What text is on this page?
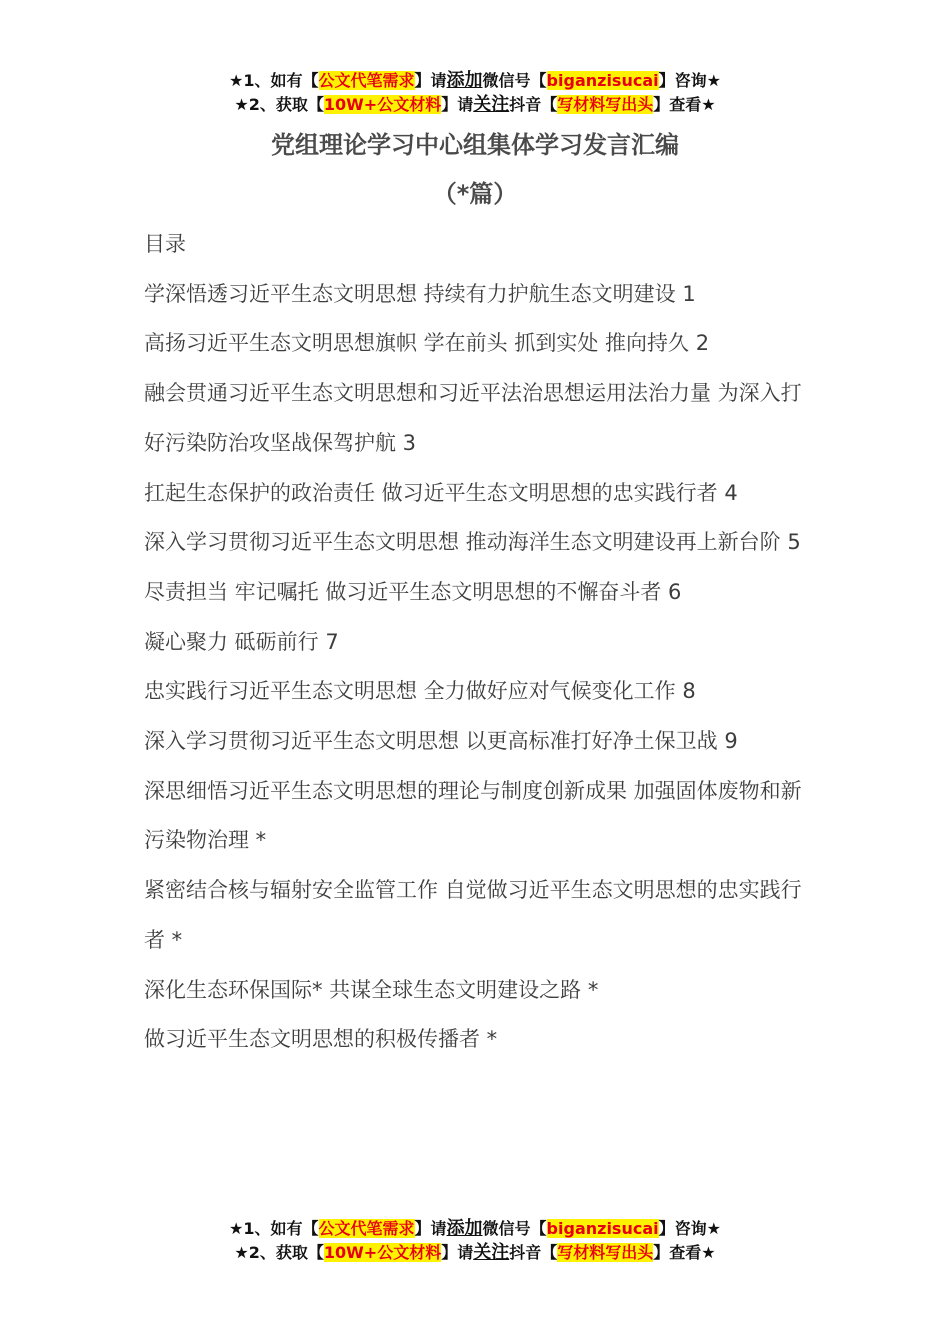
★1、如有【公文代笔需求】请添加微信号【biganzisucai】咨询★
★2、获取【10W+公文材料】请关注抖音【写材料写出头】查看★
党组理论学习中心组集体学习发言汇编
（*篇）
目录
学深悟透习近平生态文明思想 持续有力护航生态文明建设 1
高扬习近平生态文明思想旗帜 学在前头 抓到实处 推向持久 2
融会贯通习近平生态文明思想和习近平法治思想运用法治力量 为深入打好污染防治攻坚战保驾护航 3
扛起生态保护的政治责任 做习近平生态文明思想的忠实践行者 4
深入学习贯彻习近平生态文明思想 推动海洋生态文明建设再上新台阶 5
尽责担当 牢记嘱托 做习近平生态文明思想的不懈奋斗者 6
凝心聚力 砥砺前行 7
忠实践行习近平生态文明思想 全力做好应对气候变化工作 8
深入学习贯彻习近平生态文明思想 以更高标准打好净土保卫战 9
深思细悟习近平生态文明思想的理论与制度创新成果 加强固体废物和新污染物治理 *
紧密结合核与辐射安全监管工作 自觉做习近平生态文明思想的忠实践行者 *
深化生态环保国际* 共谋全球生态文明建设之路 *
做习近平生态文明思想的积极传播者 *
★1、如有【公文代笔需求】请添加微信号【biganzisucai】咨询★
★2、获取【10W+公文材料】请关注抖音【写材料写出头】查看★
